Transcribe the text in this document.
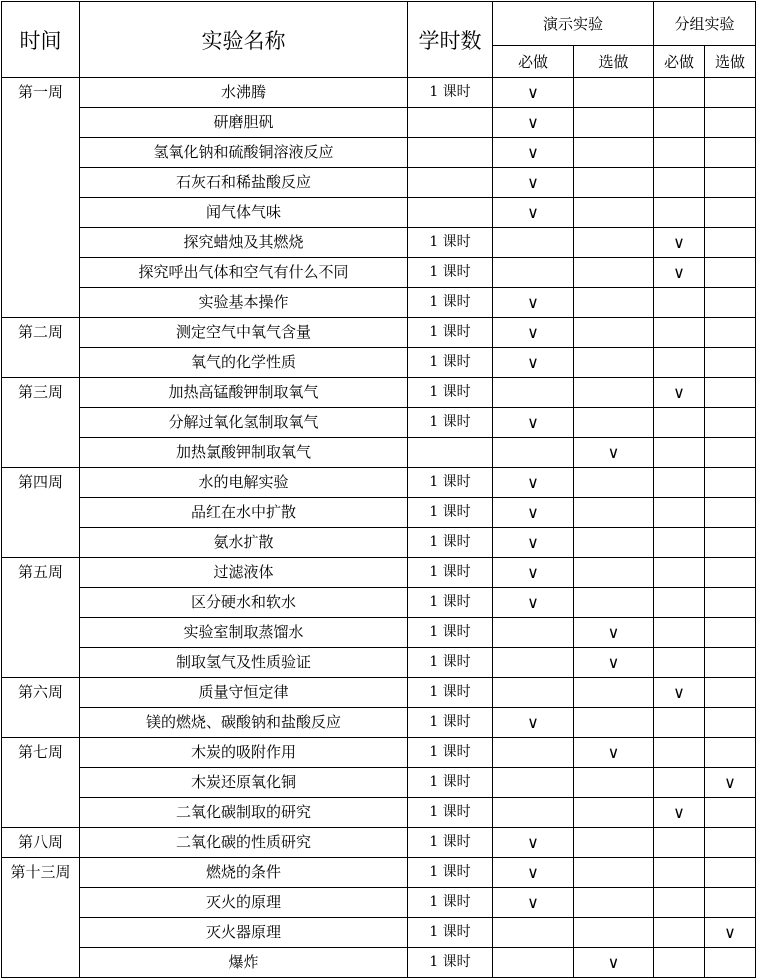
时间	实验名称	学时数	演示实验		分组实验	
			必做	选做	必做	选做
第一周	水沸腾	1 课时	∨			
	研磨胆矾		∨			
	氢氧化钠和硫酸铜溶液反应		∨			
	石灰石和稀盐酸反应		∨			
	闻气体气味		∨			
	探究蜡烛及其燃烧	1 课时			∨	
	探究呼出气体和空气有什么不同	1 课时			∨	
	实验基本操作	1 课时	∨			
第二周	测定空气中氧气含量	1 课时	∨			
	氧气的化学性质	1 课时	∨			
第三周	加热高锰酸钾制取氧气	1 课时			∨	
	分解过氧化氢制取氧气	1 课时	∨			
	加热氯酸钾制取氧气			∨		
第四周	水的电解实验	1 课时	∨			
	品红在水中扩散	1 课时	∨			
	氨水扩散	1 课时	∨			
第五周	过滤液体	1 课时	∨			
	区分硬水和软水	1 课时	∨			
	实验室制取蒸馏水	1 课时		∨		
	制取氢气及性质验证	1 课时		∨		
第六周	质量守恒定律	1 课时			∨	
	镁的燃烧、碳酸钠和盐酸反应	1 课时	∨			
第七周	木炭的吸附作用	1 课时		∨		
	木炭还原氧化铜	1 课时				∨
	二氧化碳制取的研究	1 课时			∨	
第八周	二氧化碳的性质研究	1 课时	∨			
第十三周	燃烧的条件	1 课时	∨			
	灭火的原理	1 课时	∨			
	灭火器原理	1 课时				∨
	爆炸	1 课时		∨		
